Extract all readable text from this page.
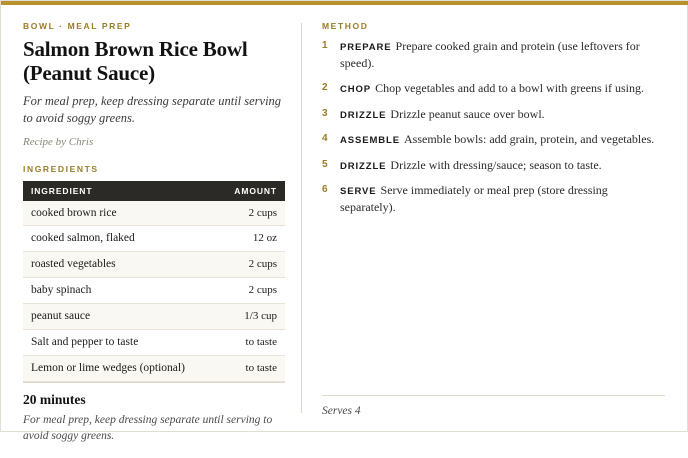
BOWL · MEAL PREP
Salmon Brown Rice Bowl (Peanut Sauce)

For meal prep, keep dressing separate until serving to avoid soggy greens.

Recipe by Chris

INGREDIENTS
INGREDIENT	AMOUNT
cooked brown rice	2 cups
cooked salmon, flaked	12 oz
roasted vegetables	2 cups
baby spinach	2 cups
peanut sauce	1/3 cup
Salt and pepper to taste	to taste
Lemon or lime wedges (optional)	to taste
20 minutes
For meal prep, keep dressing separate until serving to avoid soggy greens.
METHOD
1	PREPARE Prepare cooked grain and protein (use leftovers for speed).
2	CHOP Chop vegetables and add to a bowl with greens if using.
3	DRIZZLE Drizzle peanut sauce over bowl.
4	ASSEMBLE Assemble bowls: add grain, protein, and vegetables.
5	DRIZZLE Drizzle with dressing/sauce; season to taste.
6	SERVE Serve immediately or meal prep (store dressing separately).
Serves 4
